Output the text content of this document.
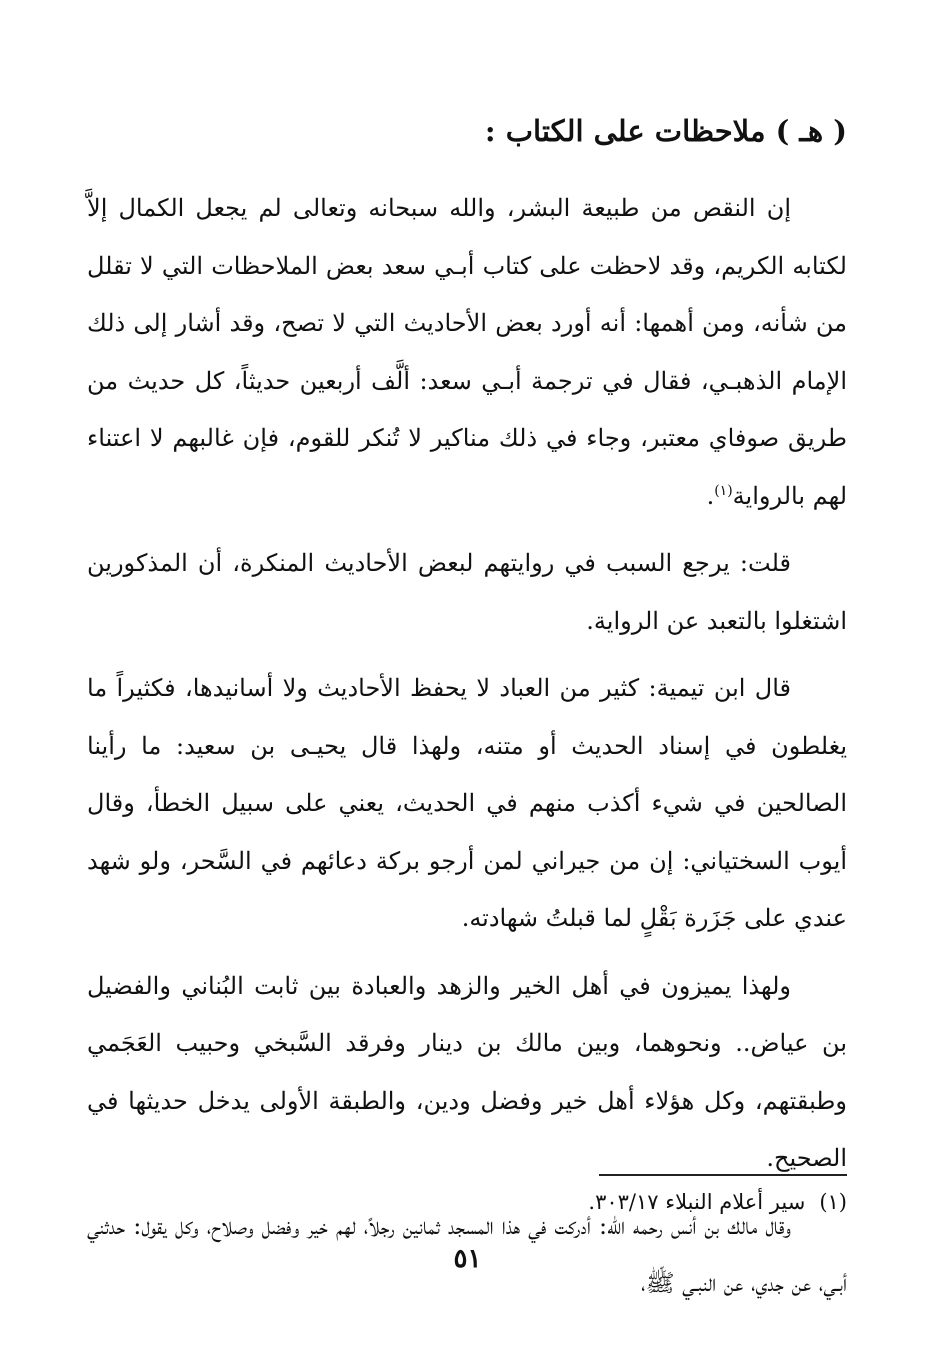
( هـ ) ملاحظات على الكتاب :

إن النقص من طبيعة البشر، والله سبحانه وتعالى لم يجعل الكمال إلاَّ لكتابه الكريم، وقد لاحظت على كتاب أبـي سعد بعض الملاحظات التي لا تقلل من شأنه، ومن أهمها: أنه أورد بعض الأحاديث التي لا تصح، وقد أشار إلى ذلك الإمام الذهبـي، فقال في ترجمة أبـي سعد: ألَّف أربعين حديثاً، كل حديث من طريق صوفاي معتبر، وجاء في ذلك مناكير لا تُنكر للقوم، فإن غالبهم لا اعتناء لهم بالرواية$^{(١)}$.

قلت: يرجع السبب في روايتهم لبعض الأحاديث المنكرة، أن المذكورين اشتغلوا بالتعبد عن الرواية.

قال ابن تيمية: كثير من العباد لا يحفظ الأحاديث ولا أسانيدها، فكثيراً ما يغلطون في إسناد الحديث أو متنه، ولهذا قال يحيـى بن سعيد: ما رأينا الصالحين في شيء أكذب منهم في الحديث، يعني على سبيل الخطأ، وقال أيوب السختياني: إن من جيراني لمن أرجو بركة دعائهم في السَّحر، ولو شهد عندي على جَزَرة بَقْلٍ لما قبلتُ شهادته.

ولهذا يميزون في أهل الخير والزهد والعبادة بين ثابت البُناني والفضيل بن عياض.. ونحوهما، وبين مالك بن دينار وفرقد السَّبخي وحبيب العَجَمي وطبقتهم، وكل هؤلاء أهل خير وفضل ودين، والطبقة الأولى يدخل حديثها في الصحيح.

وقال مالك بن أنس رحمه الله: أدركت في هذا المسجد ثمانين رجلاً، لهم خير وفضل وصلاح، وكل يقول: حدثني أبـي، عن جدي، عن النبـي ﷺ،

(١)سير أعلام النبلاء ٣٠٣/١٧.
٥١
